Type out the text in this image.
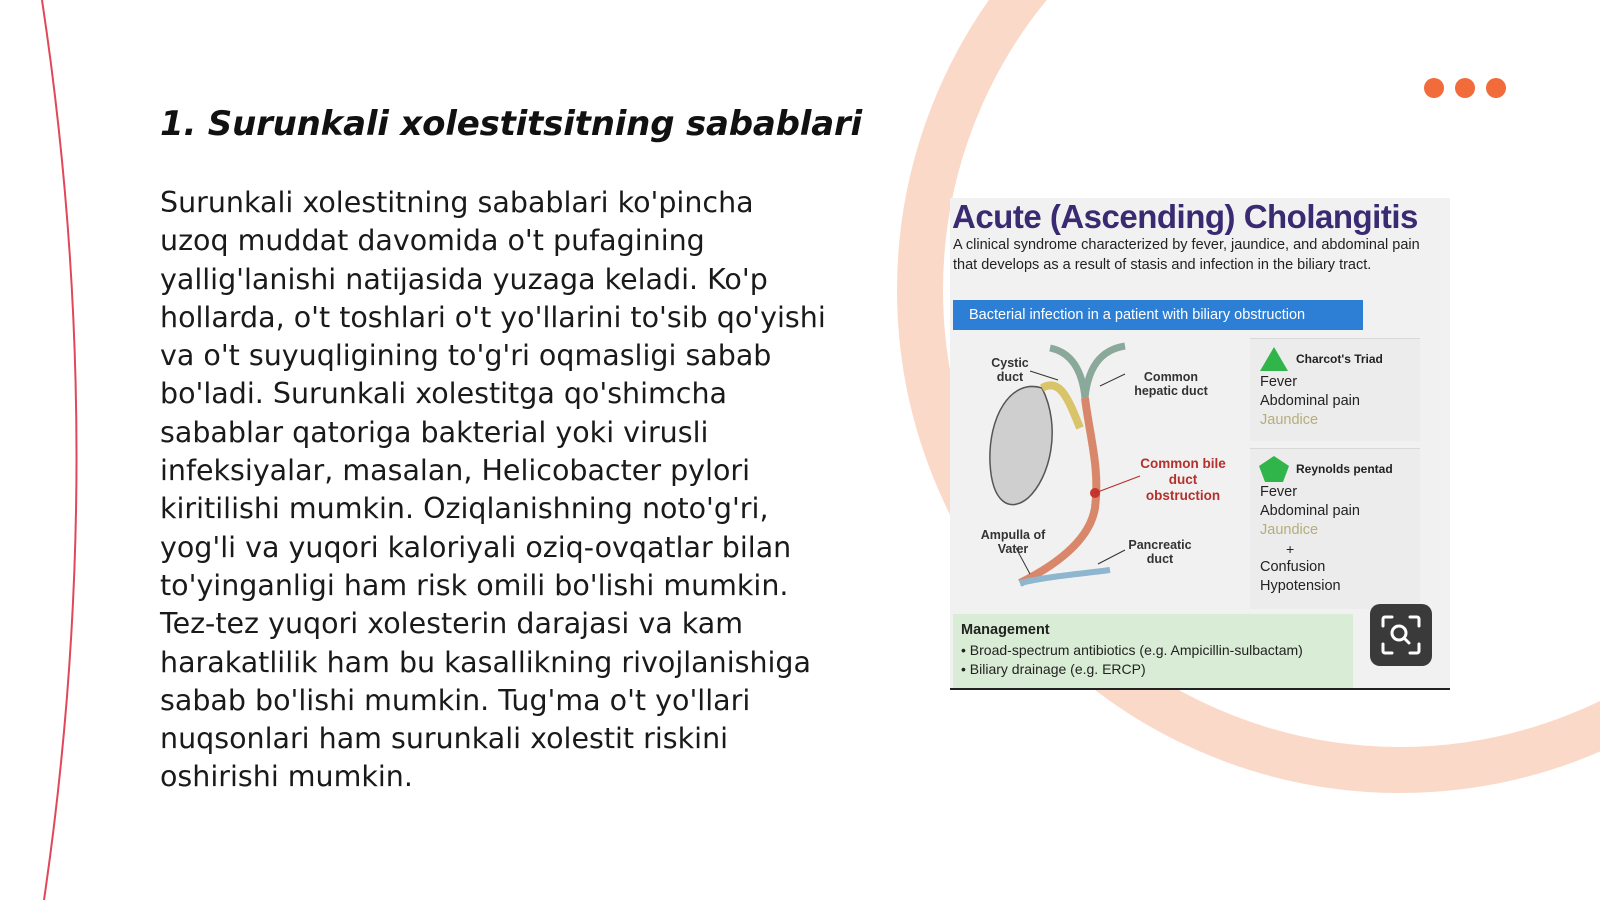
1. Surunkali xolestitsitning sabablari

Surunkali xolestitning sabablari ko'pincha uzoq muddat davomida o't pufagining yallig'lanishi natijasida yuzaga keladi. Ko'p hollarda, o't toshlari o't yo'llarini to'sib qo'yishi va o't suyuqligining to'g'ri oqmasligi sabab bo'ladi. Surunkali xolestitga qo'shimcha sabablar qatoriga bakterial yoki virusli infeksiyalar, masalan, Helicobacter pylori kiritilishi mumkin. Oziqlanishning noto'g'ri, yog'li va yuqori kaloriyali oziq-ovqatlar bilan to'yinganligi ham risk omili bo'lishi mumkin. Tez-tez yuqori xolesterin darajasi va kam harakatlilik ham bu kasallikning rivojlanishiga sabab bo'lishi mumkin. Tug'ma o't yo'llari nuqsonlari ham surunkali xolestit riskini oshirishi mumkin.

Acute (Ascending) Cholangitis

A clinical syndrome characterized by fever, jaundice, and abdominal pain that develops as a result of stasis and infection in the biliary tract.

Bacterial infection in a patient with biliary obstruction

Cystic duct	Common hepatic duct

Common bile duct obstruction

Ampulla of Vater	Pancreatic duct

Charcot's Triad

Fever

Abdominal pain

Jaundice

Reynolds pentad

Fever

Abdominal pain

Jaundice

+

Confusion

Hypotension

Management

• Broad-spectrum antibiotics (e.g. Ampicillin-sulbactam)

• Biliary drainage (e.g. ERCP)
